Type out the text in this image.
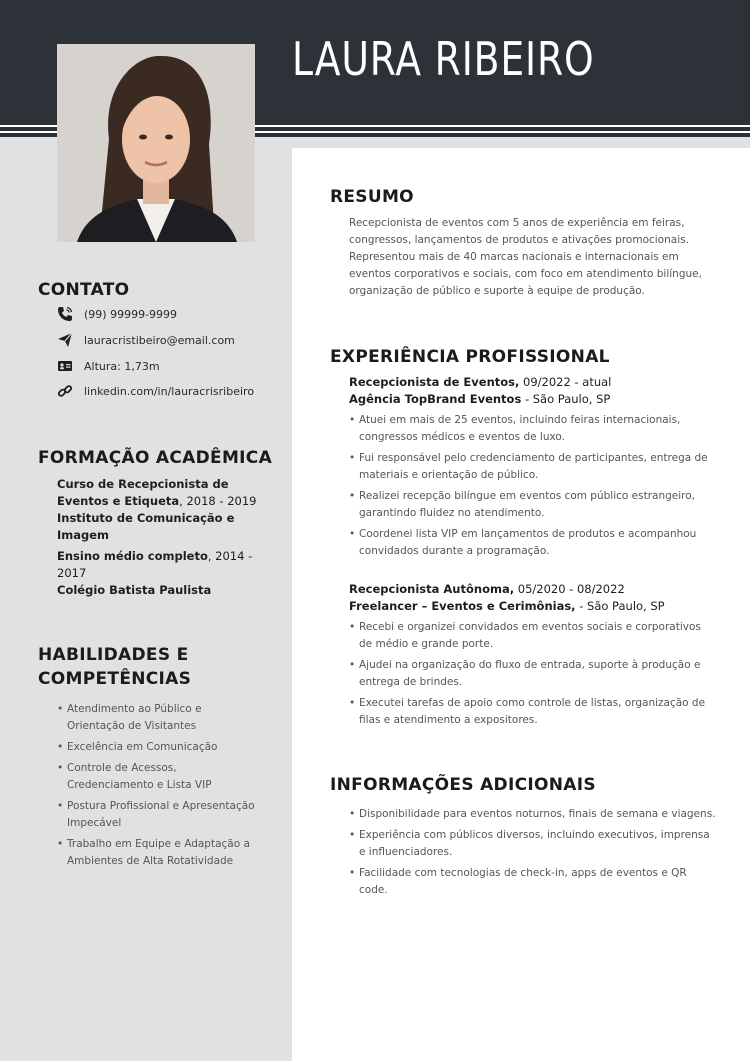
LAURA RIBEIRO
CONTATO
(99) 99999-9999
lauracristibeiro@email.com
Altura: 1,73m
linkedin.com/in/lauracrisribeiro
FORMAÇÃO ACADÊMICA
Curso de Recepcionista de Eventos e Etiqueta, 2018 - 2019
Instituto de Comunicação e Imagem
Ensino médio completo, 2014 - 2017
Colégio Batista Paulista
HABILIDADES E
COMPETÊNCIAS
• Atendimento ao Público e Orientação de Visitantes
• Excelência em Comunicação
• Controle de Acessos, Credenciamento e Lista VIP
• Postura Profissional e Apresentação Impecável
• Trabalho em Equipe e Adaptação a Ambientes de Alta Rotatividade
RESUMO

Recepcionista de eventos com 5 anos de experiência em feiras, congressos, lançamentos de produtos e ativações promocionais. Representou mais de 40 marcas nacionais e internacionais em eventos corporativos e sociais, com foco em atendimento bilíngue, organização de público e suporte à equipe de produção.

EXPERIÊNCIA PROFISSIONAL
Recepcionista de Eventos, 09/2022 - atual
Agência TopBrand Eventos - São Paulo, SP
• Atuei em mais de 25 eventos, incluindo feiras internacionais, congressos médicos e eventos de luxo.
• Fui responsável pelo credenciamento de participantes, entrega de materiais e orientação de público.
• Realizei recepção bilíngue em eventos com público estrangeiro, garantindo fluidez no atendimento.
• Coordenei lista VIP em lançamentos de produtos e acompanhou convidados durante a programação.
Recepcionista Autônoma, 05/2020 - 08/2022
Freelancer – Eventos e Cerimônias, - São Paulo, SP
• Recebi e organizei convidados em eventos sociais e corporativos de médio e grande porte.
• Ajudei na organização do fluxo de entrada, suporte à produção e entrega de brindes.
• Executei tarefas de apoio como controle de listas, organização de filas e atendimento a expositores.
INFORMAÇÕES ADICIONAIS
• Disponibilidade para eventos noturnos, finais de semana e viagens.
• Experiência com públicos diversos, incluindo executivos, imprensa e influenciadores.
• Facilidade com tecnologias de check-in, apps de eventos e QR code.
